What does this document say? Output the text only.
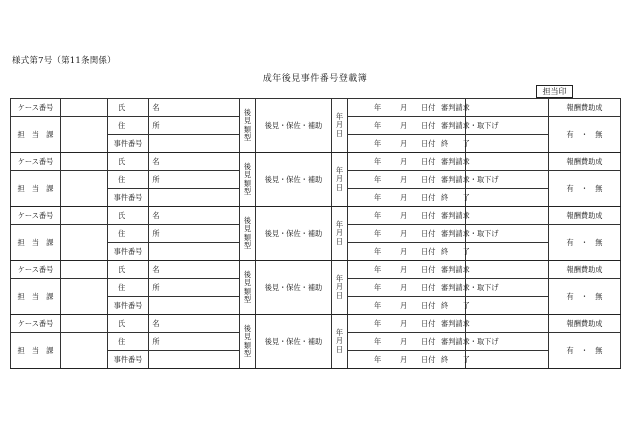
様式第7号（第11条関係）
成年後見事件番号登載簿
担当印
ケース番号		氏　名		後見類型	後見・保佐・補助	年月日	年 月 日付 審判請求		報酬費助成
担　当　課		住　所					年 月 日付 審判請求・取下げ		有　・　無
		事件番号					年 月 日付 終　　了		
ケース番号		氏　名		後見類型	後見・保佐・補助	年月日	年 月 日付 審判請求		報酬費助成
担　当　課		住　所					年 月 日付 審判請求・取下げ		有　・　無
		事件番号					年 月 日付 終　　了		
ケース番号		氏　名		後見類型	後見・保佐・補助	年月日	年 月 日付 審判請求		報酬費助成
担　当　課		住　所					年 月 日付 審判請求・取下げ		有　・　無
		事件番号					年 月 日付 終　　了		
ケース番号		氏　名		後見類型	後見・保佐・補助	年月日	年 月 日付 審判請求		報酬費助成
担　当　課		住　所					年 月 日付 審判請求・取下げ		有　・　無
		事件番号					年 月 日付 終　　了		
ケース番号		氏　名		後見類型	後見・保佐・補助	年月日	年 月 日付 審判請求		報酬費助成
担　当　課		住　所					年 月 日付 審判請求・取下げ		有　・　無
		事件番号					年 月 日付 終　　了		
